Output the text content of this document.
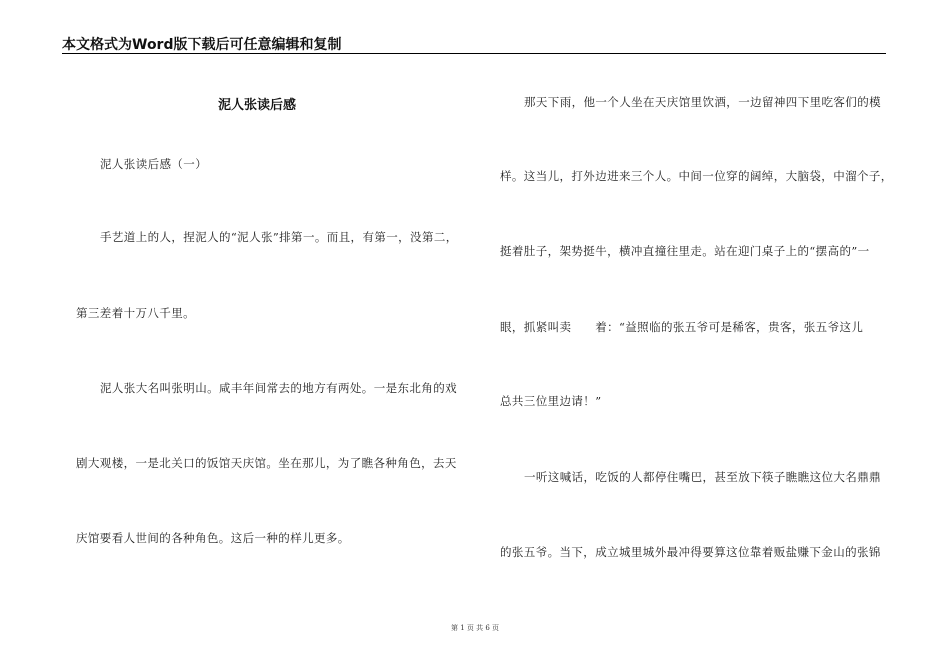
本文格式为Word版下载后可任意编辑和复制
泥人张读后感
泥人张读后感（一）
手艺道上的人，捏泥人的“泥人张”排第一。而且，有第一，没第二，
第三差着十万八千里。
泥人张大名叫张明山。咸丰年间常去的地方有两处。一是东北角的戏
剧大观楼，一是北关口的饭馆天庆馆。坐在那儿，为了瞧各种角色，去天
庆馆要看人世间的各种角色。这后一种的样儿更多。
那天下雨，他一个人坐在天庆馆里饮酒，一边留神四下里吃客们的模
样。这当儿，打外边进来三个人。中间一位穿的阔绰，大脑袋，中溜个子，
挺着肚子，架势挺牛，横冲直撞往里走。站在迎门桌子上的“摆高的”一
眼，抓紧叫卖　　着：“益照临的张五爷可是稀客，贵客，张五爷这儿
总共三位里边请！”
一听这喊话，吃饭的人都停住嘴巴，甚至放下筷子瞧瞧这位大名鼎鼎
的张五爷。当下，成立城里城外最冲得要算这位靠着贩盐赚下金山的张锦
第 1 页 共 6 页
